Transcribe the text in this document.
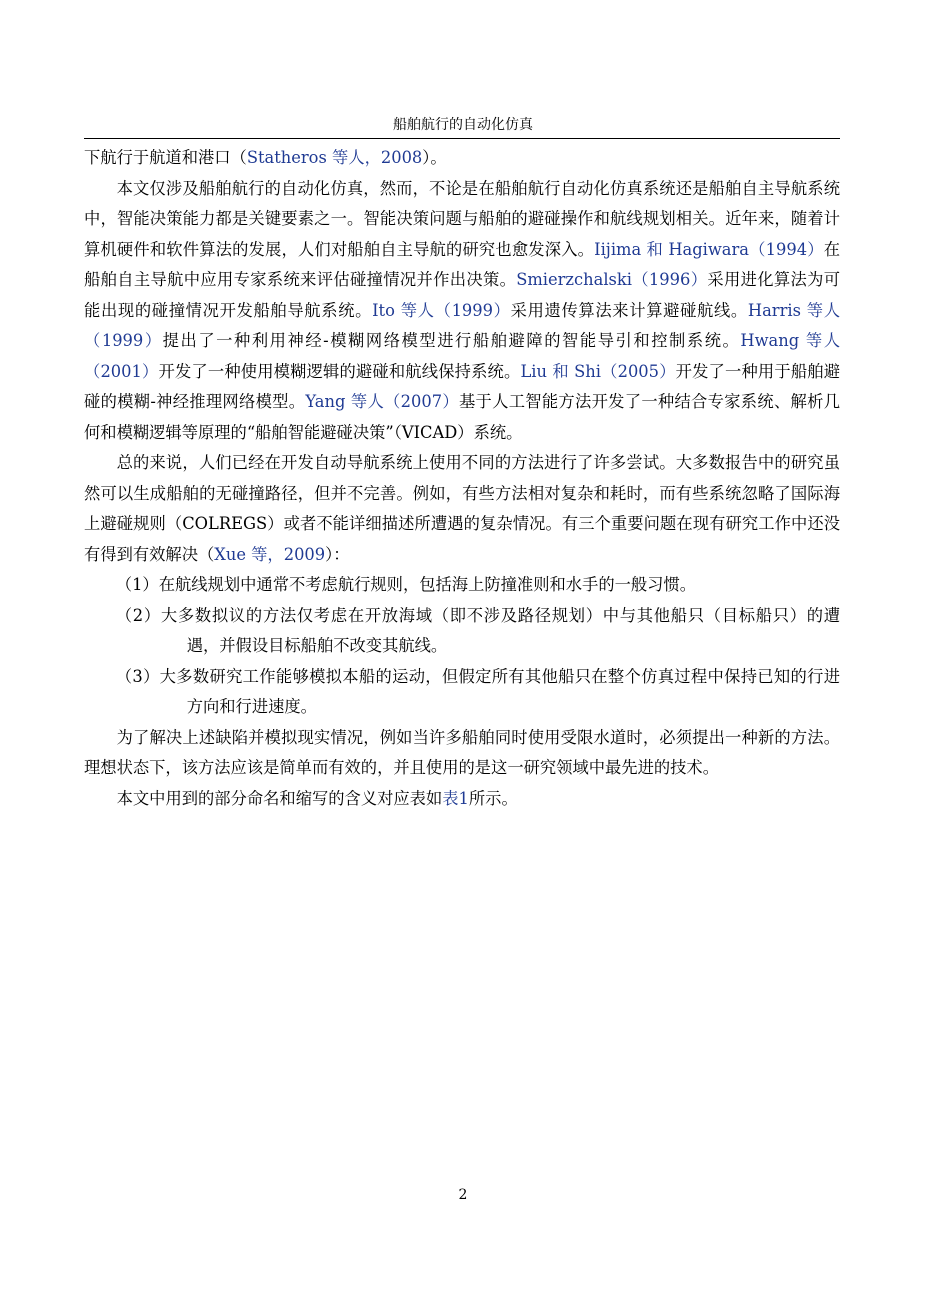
船舶航行的自动化仿真

下航行于航道和港口（Statheros 等人，2008）。

本文仅涉及船舶航行的自动化仿真，然而，不论是在船舶航行自动化仿真系统还是船舶自主导航系统中，智能决策能力都是关键要素之一。智能决策问题与船舶的避碰操作和航线规划相关。近年来，随着计算机硬件和软件算法的发展，人们对船舶自主导航的研究也愈发深入。Iijima 和 Hagiwara（1994）在船舶自主导航中应用专家系统来评估碰撞情况并作出决策。Smierzchalski（1996）采用进化算法为可能出现的碰撞情况开发船舶导航系统。Ito 等人（1999）采用遗传算法来计算避碰航线。Harris 等人（1999）提出了一种利用神经-模糊网络模型进行船舶避障的智能导引和控制系统。Hwang 等人（2001）开发了一种使用模糊逻辑的避碰和航线保持系统。Liu 和 Shi（2005）开发了一种用于船舶避碰的模糊-神经推理网络模型。Yang 等人（2007）基于人工智能方法开发了一种结合专家系统、解析几何和模糊逻辑等原理的“船舶智能避碰决策”（VICAD）系统。

总的来说，人们已经在开发自动导航系统上使用不同的方法进行了许多尝试。大多数报告中的研究虽然可以生成船舶的无碰撞路径，但并不完善。例如，有些方法相对复杂和耗时，而有些系统忽略了国际海上避碰规则（COLREGS）或者不能详细描述所遭遇的复杂情况。有三个重要问题在现有研究工作中还没有得到有效解决（Xue 等，2009）：

（1）在航线规划中通常不考虑航行规则，包括海上防撞准则和水手的一般习惯。

（2）大多数拟议的方法仅考虑在开放海域（即不涉及路径规划）中与其他船只（目标船只）的遭遇，并假设目标船舶不改变其航线。

（3）大多数研究工作能够模拟本船的运动，但假定所有其他船只在整个仿真过程中保持已知的行进方向和行进速度。

为了解决上述缺陷并模拟现实情况，例如当许多船舶同时使用受限水道时，必须提出一种新的方法。理想状态下，该方法应该是简单而有效的，并且使用的是这一研究领域中最先进的技术。

本文中用到的部分命名和缩写的含义对应表如表1所示。

2
